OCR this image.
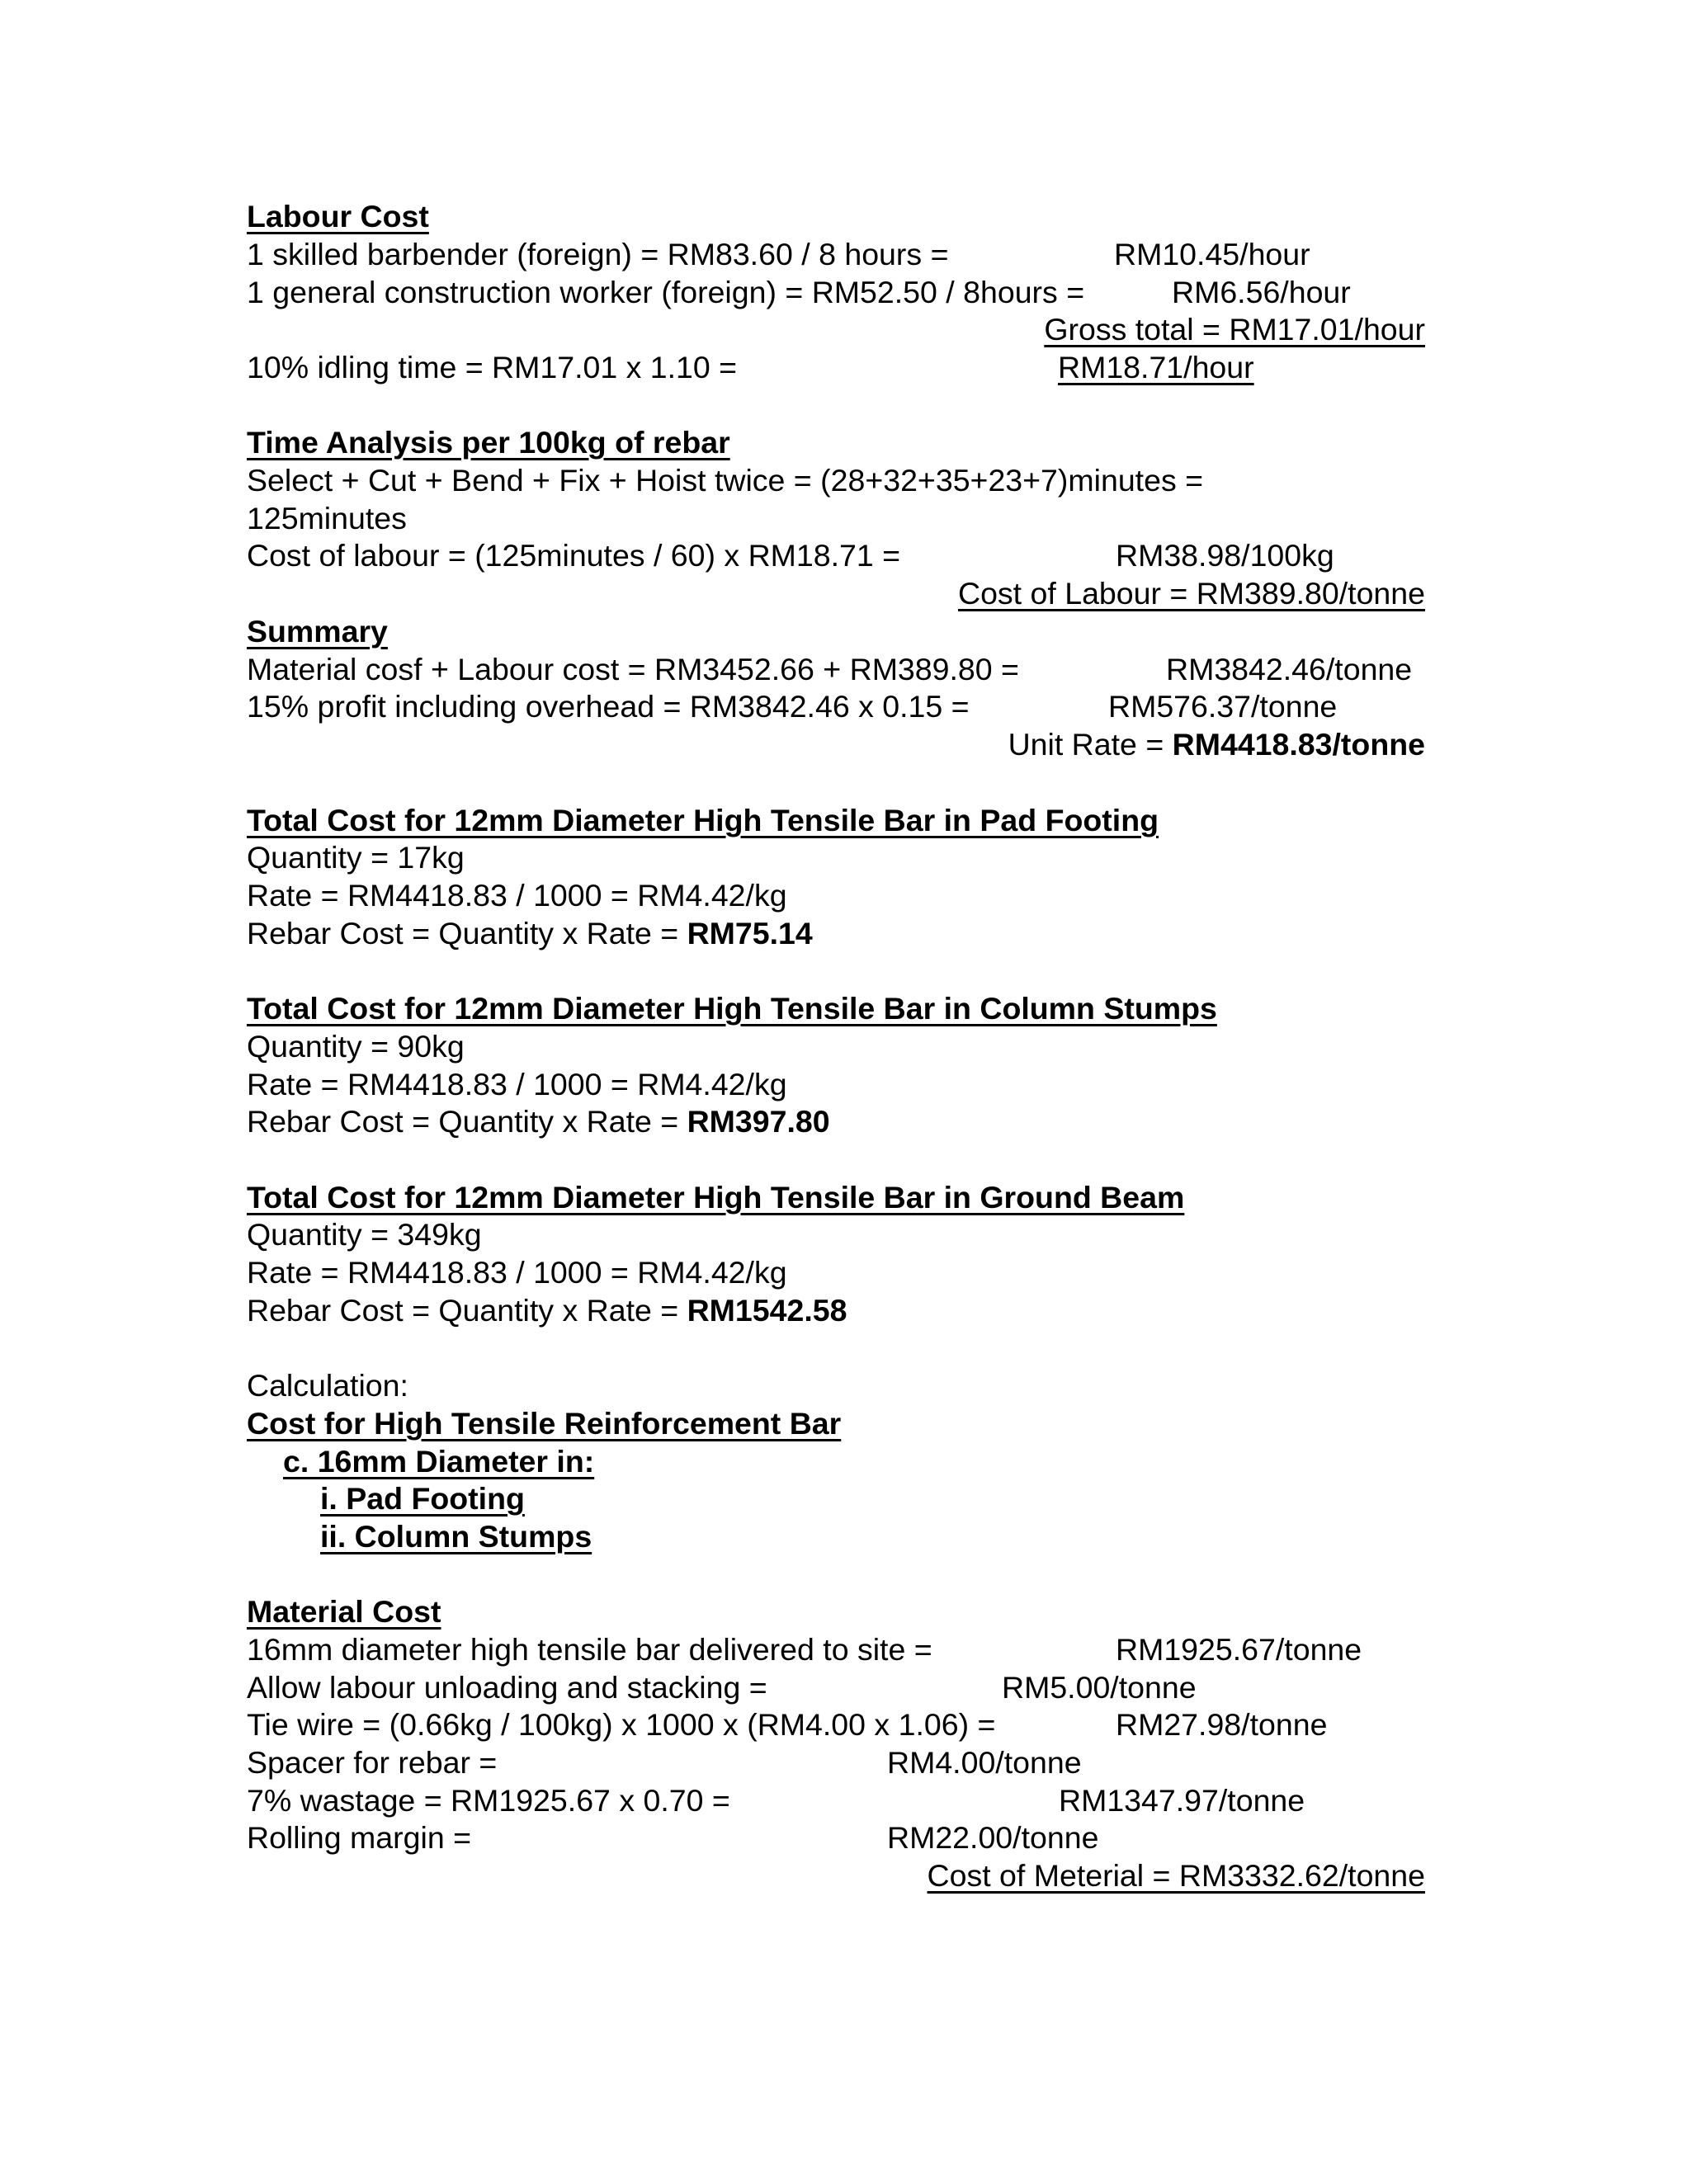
Labour Cost
1 skilled barbender (foreign) = RM83.60 / 8 hours =	RM10.45/hour
1 general construction worker (foreign) = RM52.50 / 8hours =	RM6.56/hour
Gross total = RM17.01/hour
10% idling time = RM17.01 x 1.10 =	RM18.71/hour
Time Analysis per 100kg of rebar
Select + Cut + Bend + Fix + Hoist twice = (28+32+35+23+7)minutes =
125minutes
Cost of labour = (125minutes / 60) x RM18.71 =	RM38.98/100kg
Cost of Labour = RM389.80/tonne
Summary
Material cosf + Labour cost = RM3452.66 + RM389.80 =	RM3842.46/tonne
15% profit including overhead = RM3842.46 x 0.15 =	RM576.37/tonne
Unit Rate = RM4418.83/tonne
Total Cost for 12mm Diameter High Tensile Bar in Pad Footing
Quantity = 17kg
Rate = RM4418.83 / 1000 = RM4.42/kg
Rebar Cost = Quantity x Rate = RM75.14
Total Cost for 12mm Diameter High Tensile Bar in Column Stumps
Quantity = 90kg
Rate = RM4418.83 / 1000 = RM4.42/kg
Rebar Cost = Quantity x Rate = RM397.80
Total Cost for 12mm Diameter High Tensile Bar in Ground Beam
Quantity = 349kg
Rate = RM4418.83 / 1000 = RM4.42/kg
Rebar Cost = Quantity x Rate = RM1542.58
Calculation:
Cost for High Tensile Reinforcement Bar
c. 16mm Diameter in:
i. Pad Footing
ii. Column Stumps
Material Cost
16mm diameter high tensile bar delivered to site =	RM1925.67/tonne
Allow labour unloading and stacking =	RM5.00/tonne
Tie wire = (0.66kg / 100kg) x 1000 x (RM4.00 x 1.06) =	RM27.98/tonne
Spacer for rebar =	RM4.00/tonne
7% wastage = RM1925.67 x 0.70 =	RM1347.97/tonne
Rolling margin =	RM22.00/tonne
Cost of Meterial = RM3332.62/tonne
